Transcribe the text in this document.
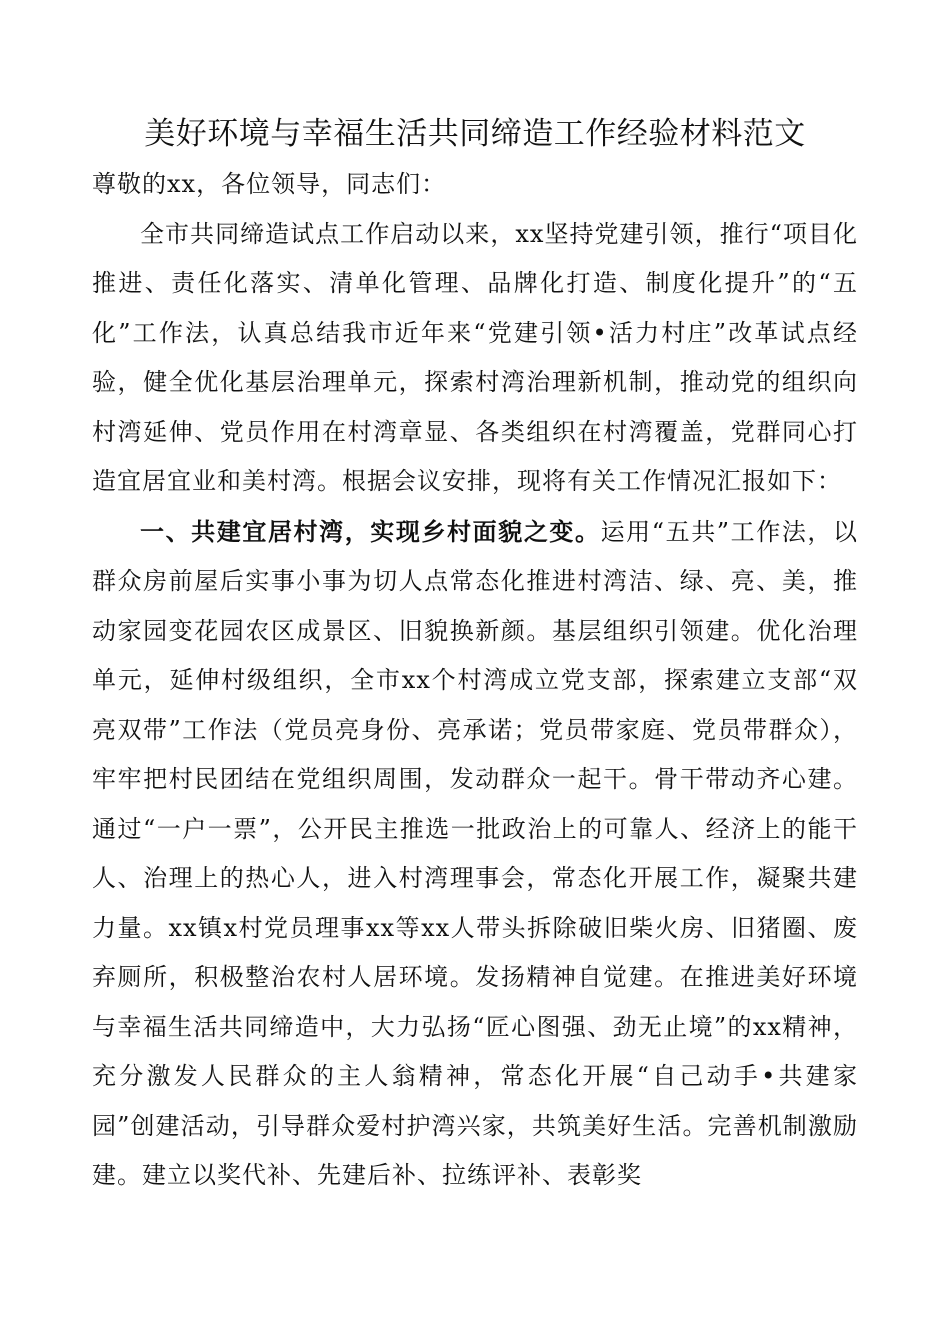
美好环境与幸福生活共同缔造工作经验材料范文

尊敬的xx，各位领导，同志们：

全市共同缔造试点工作启动以来，xx坚持党建引领，推行“项目化推进、责任化落实、清单化管理、品牌化打造、制度化提升”的“五化”工作法，认真总结我市近年来“党建引领•活力村庄”改革试点经验，健全优化基层治理单元，探索村湾治理新机制，推动党的组织向村湾延伸、党员作用在村湾章显、各类组织在村湾覆盖，党群同心打造宜居宜业和美村湾。根据会议安排，现将有关工作情况汇报如下：

一、共建宜居村湾，实现乡村面貌之变。运用“五共”工作法，以群众房前屋后实事小事为切人点常态化推进村湾洁、绿、亮、美，推动家园变花园农区成景区、旧貌换新颜。基层组织引领建。优化治理单元，延伸村级组织，全市xx个村湾成立党支部，探索建立支部“双亮双带”工作法（党员亮身份、亮承诺；党员带家庭、党员带群众），牢牢把村民团结在党组织周围，发动群众一起干。骨干带动齐心建。通过“一户一票”，公开民主推选一批政治上的可靠人、经济上的能干人、治理上的热心人，进入村湾理事会，常态化开展工作，凝聚共建力量。xx镇x村党员理事xx等xx人带头拆除破旧柴火房、旧猪圈、废弃厕所，积极整治农村人居环境。发扬精神自觉建。在推进美好环境与幸福生活共同缔造中，大力弘扬“匠心图强、劲无止境”的xx精神，充分激发人民群众的主人翁精神，常态化开展“自己动手•共建家园”创建活动，引导群众爱村护湾兴家，共筑美好生活。完善机制激励建。建立以奖代补、先建后补、拉练评补、表彰奖
